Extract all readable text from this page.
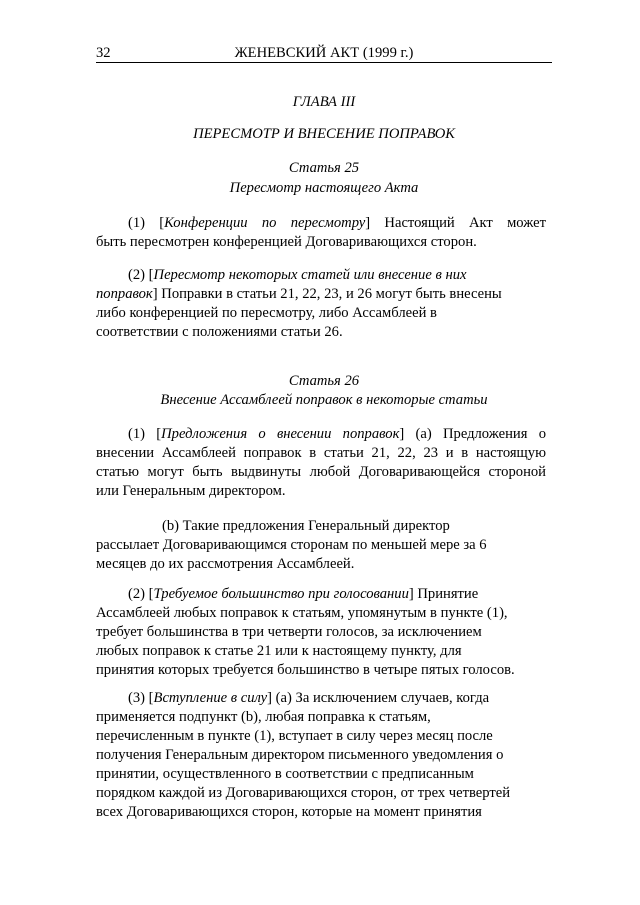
32	ЖЕНЕВСКИЙ АКТ (1999 г.)
ГЛАВА III
ПЕРЕСМОТР И ВНЕСЕНИЕ ПОПРАВОК
Статья 25
Пересмотр настоящего Акта
(1) [Конференции по пересмотру] Настоящий Акт может
быть пересмотрен конференцией Договаривающихся сторон.
(2) [Пересмотр некоторых статей или внесение в них
поправок] Поправки в статьи 21, 22, 23, и 26 могут быть внесены
либо конференцией по пересмотру, либо Ассамблеей в
соответствии с положениями статьи 26.
Статья 26
Внесение Ассамблеей поправок в некоторые статьи
(1) [Предложения о внесении поправок] (a) Предложения о
внесении Ассамблеей поправок в статьи 21, 22, 23 и в настоящую
статью могут быть выдвинуты любой Договаривающейся стороной
или Генеральным директором.
(b) Такие предложения Генеральный директор
рассылает Договаривающимся сторонам по меньшей мере за 6
месяцев до их рассмотрения Ассамблеей.
(2) [Требуемое большинство при голосовании] Принятие
Ассамблеей любых поправок к статьям, упомянутым в пункте (1),
требует большинства в три четверти голосов, за исключением
любых поправок к статье 21 или к настоящему пункту, для
принятия которых требуется большинство в четыре пятых голосов.
(3) [Вступление в силу] (a) За исключением случаев, когда
применяется подпункт (b), любая поправка к статьям,
перечисленным в пункте (1), вступает в силу через месяц после
получения Генеральным директором письменного уведомления о
принятии, осуществленного в соответствии с предписанным
порядком каждой из Договаривающихся сторон, от трех четвертей
всех Договаривающихся сторон, которые на момент принятия
